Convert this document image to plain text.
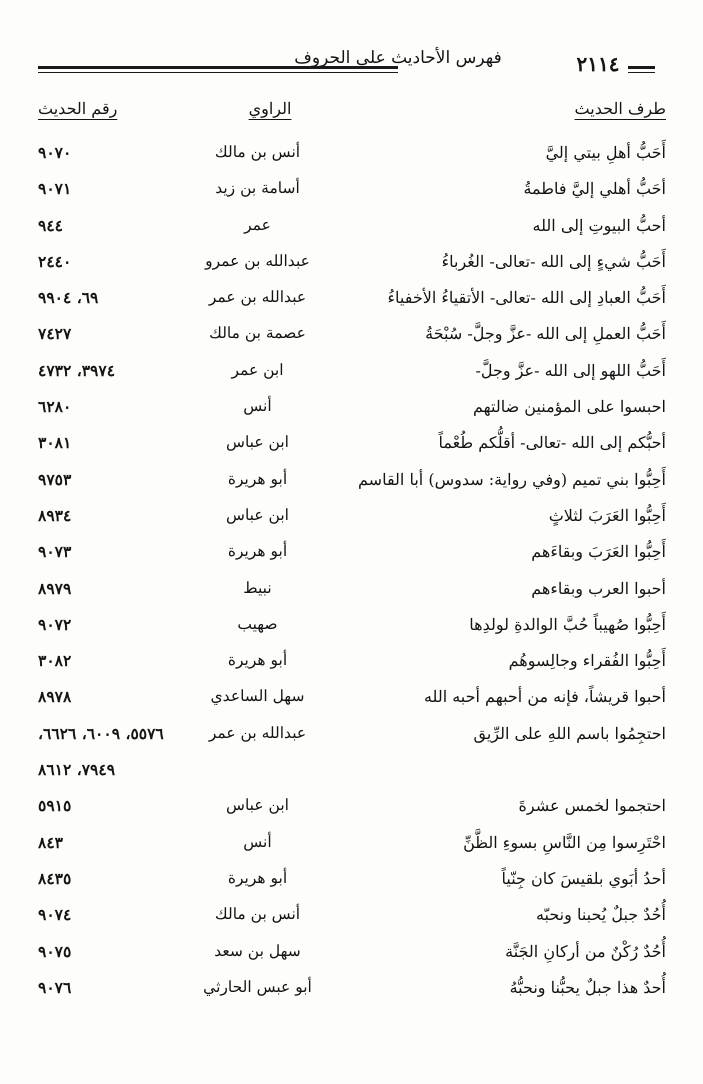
فهرس الأحاديث على الحروف	٢١١٤
طرف الحديث
الراوي
رقم الحديث
أَحَبُّ أهلِ بيتي إليَّ
أنس بن مالك
٩٠٧٠
أحَبُّ أهلي إليَّ فاطمةُ
أسامة بن زيد
٩٠٧١
أحبُّ البيوتِ إلى الله
عمر
٩٤٤
أَحَبُّ شيءٍ إلى الله -تعالى- الغُرباءُ
عبدالله بن عمرو
٢٤٤٠
أَحَبُّ العبادِ إلى الله -تعالى- الأتقياءُ الأخفياءُ
عبدالله بن عمر
٦٩، ٩٩٠٤
أَحَبُّ العملِ إلى الله -عزَّ وجلَّ- سُبْحَةُ
عصمة بن مالك
٧٤٢٧
أَحَبُّ اللهو إلى الله -عزَّ وجلَّ-
ابن عمر
٣٩٧٤، ٤٧٣٢
احبسوا على المؤمنين ضالتهم
أنس
٦٢٨٠
أحبُّكم إلى الله -تعالى- أقلُّكم طُعْماً
ابن عباس
٣٠٨١
أَحِبُّوا بني تميم (وفي رواية: سدوس) أبا القاسم
أبو هريرة
٩٧٥٣
أَحِبُّوا العَرَبَ لثلاثٍ
ابن عباس
٨٩٣٤
أَحِبُّوا العَرَبَ وبقاءَهم
أبو هريرة
٩٠٧٣
أحبوا العرب وبقاءهم
نبيط
٨٩٧٩
أَحِبُّوا صُهيباً حُبَّ الوالدةِ لولدِها
صهيب
٩٠٧٢
أَحِبُّوا الفُقراء وجالِسوهُم
أبو هريرة
٣٠٨٢
أحبوا قريشاً، فإنه من أحبهم أحبه الله
سهل الساعدي
٨٩٧٨
احتجِمُوا باسم اللهِ على الرِّيق
عبدالله بن عمر
٥٥٧٦، ٦٠٠٩، ٦٦٢٦،
٧٩٤٩، ٨٦١٢
احتجموا لخمس عشرةَ
ابن عباس
٥٩١٥
احْتَرِسوا مِن النَّاسِ بسوءِ الظَّنِّ
أنس
٨٤٣
أحدُ أبَوي بلقيسَ كان جِنّياً
أبو هريرة
٨٤٣٥
أُحُدٌ جبلٌ يُحبنا ونحبّه
أنس بن مالك
٩٠٧٤
أُحُدٌ رُكْنٌ من أركانِ الجَنَّة
سهل بن سعد
٩٠٧٥
أُحدٌ هذا جبلٌ يحبُّنا ونحبُّهُ
أبو عبس الحارثي
٩٠٧٦
